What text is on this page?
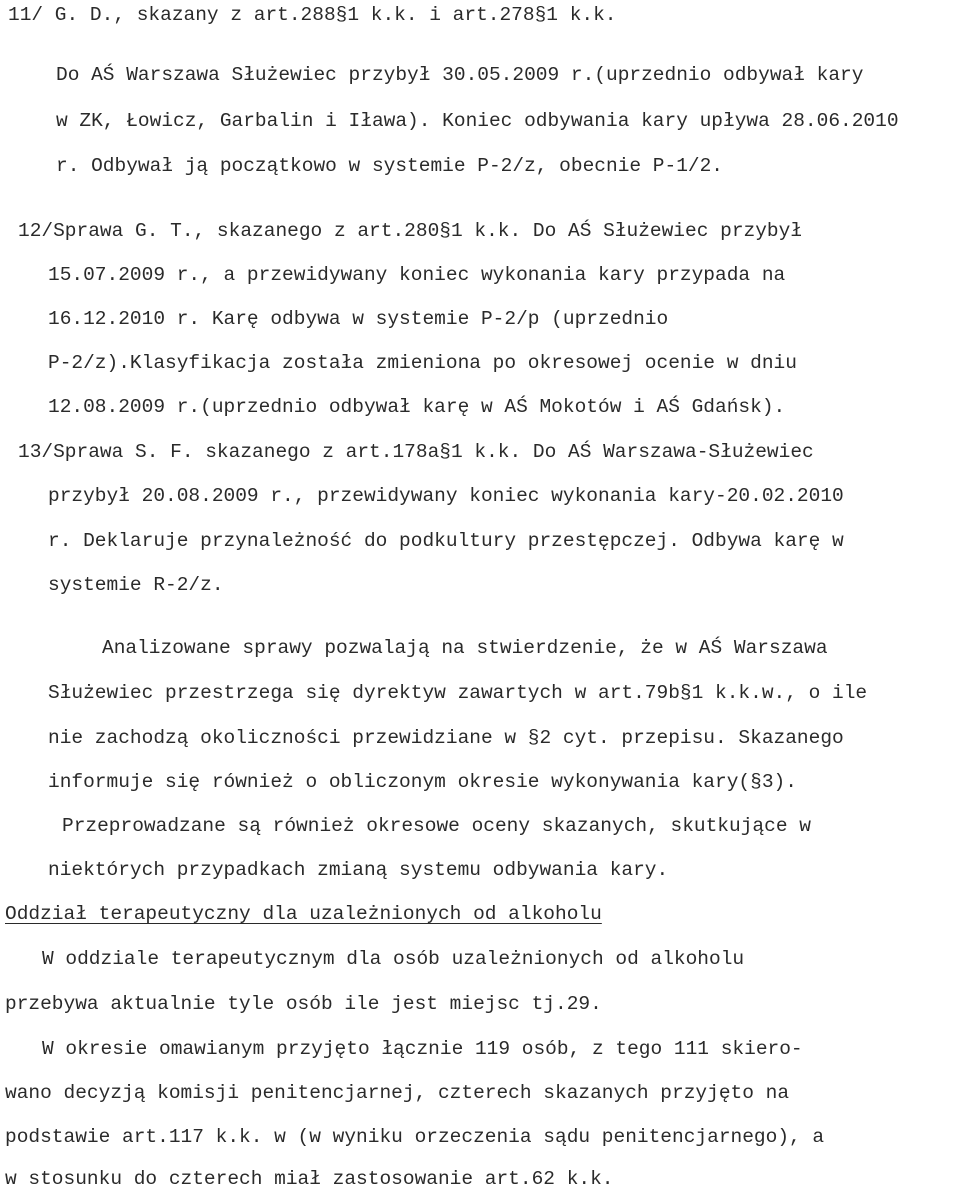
11/ G. D., skazany z art.288§1 k.k. i art.278§1 k.k.
Do AŚ Warszawa Służewiec przybył 30.05.2009 r.(uprzednio odbywał kary
w ZK, Łowicz, Garbalin i Iława). Koniec odbywania kary upływa 28.06.2010
r. Odbywał ją początkowo w systemie P-2/z, obecnie P-1/2.
12/Sprawa G. T., skazanego z art.280§1 k.k. Do AŚ Służewiec przybył
15.07.2009 r., a przewidywany koniec wykonania kary przypada na
16.12.2010 r. Karę odbywa w systemie P-2/p (uprzednio
P-2/z).Klasyfikacja została zmieniona po okresowej ocenie w dniu
12.08.2009 r.(uprzednio odbywał karę w AŚ Mokotów i AŚ Gdańsk).
13/Sprawa S. F. skazanego z art.178a§1 k.k. Do AŚ Warszawa-Służewiec
przybył 20.08.2009 r., przewidywany koniec wykonania kary-20.02.2010
r. Deklaruje przynależność do podkultury przestępczej. Odbywa karę w
systemie R-2/z.
Analizowane sprawy pozwalają na stwierdzenie, że w AŚ Warszawa
Służewiec przestrzega się dyrektyw zawartych w art.79b§1 k.k.w., o ile
nie zachodzą okoliczności przewidziane w §2 cyt. przepisu. Skazanego
informuje się również o obliczonym okresie wykonywania kary(§3).
Przeprowadzane są również okresowe oceny skazanych, skutkujące w
niektórych przypadkach zmianą systemu odbywania kary.
Oddział terapeutyczny dla uzależnionych od alkoholu
W oddziale terapeutycznym dla osób uzależnionych od alkoholu
przebywa aktualnie tyle osób ile jest miejsc tj.29.
W okresie omawianym przyjęto łącznie 119 osób, z tego 111 skiero-
wano decyzją komisji penitencjarnej, czterech skazanych przyjęto na
podstawie art.117 k.k. w (w wyniku orzeczenia sądu penitencjarnego), a
w stosunku do czterech miał zastosowanie art.62 k.k.
